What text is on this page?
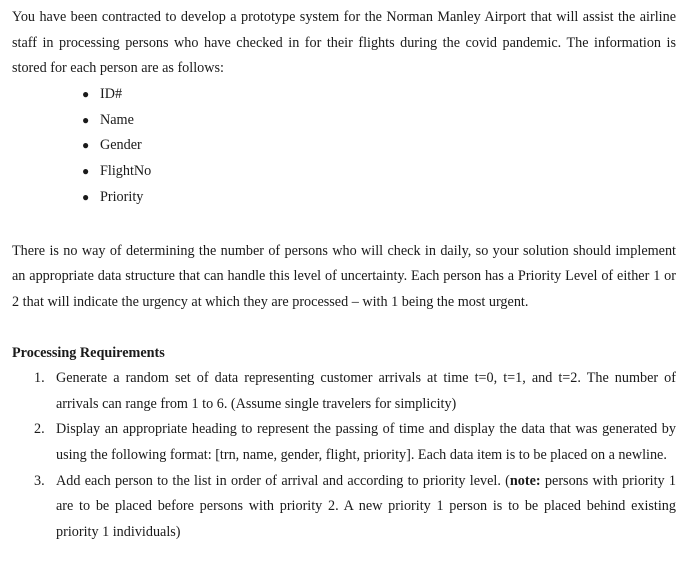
You have been contracted to develop a prototype system for the Norman Manley Airport that will assist the airline staff in processing persons who have checked in for their flights during the covid pandemic. The information is stored for each person are as follows:

● ID#
● Name
● Gender
● FlightNo
● Priority

There is no way of determining the number of persons who will check in daily, so your solution should implement an appropriate data structure that can handle this level of uncertainty. Each person has a Priority Level of either 1 or 2 that will indicate the urgency at which they are processed – with 1 being the most urgent.

Processing Requirements

1. Generate a random set of data representing customer arrivals at time t=0, t=1, and t=2. The number of arrivals can range from 1 to 6. (Assume single travelers for simplicity)
2. Display an appropriate heading to represent the passing of time and display the data that was generated by using the following format: [trn, name, gender, flight, priority]. Each data item is to be placed on a newline.
3. Add each person to the list in order of arrival and according to priority level. (note: persons with priority 1 are to be placed before persons with priority 2. A new priority 1 person is to be placed behind existing priority 1 individuals)
